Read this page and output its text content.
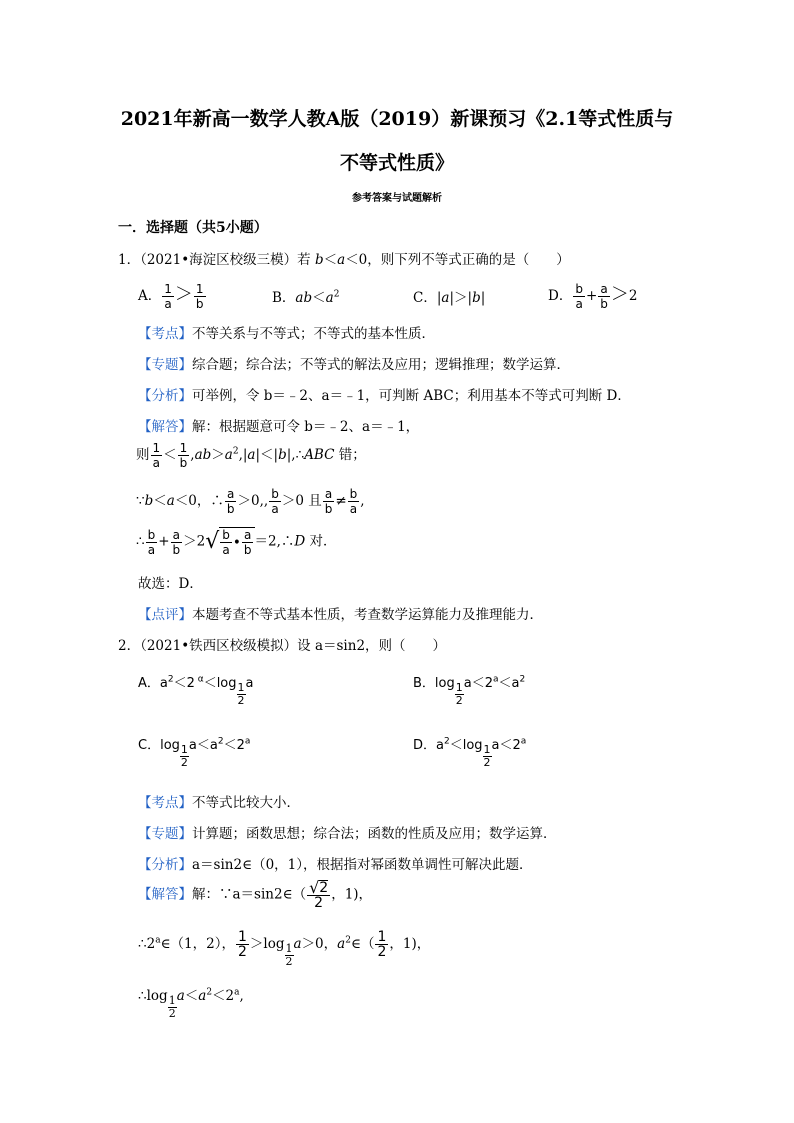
2021年新高一数学人教A版（2019）新课预习《2.1等式性质与
不等式性质》
参考答案与试题解析
一．选择题（共5小题）
1．（2021•海淀区校级三模）若 b＜a＜0，则下列不等式正确的是（　　）
A． $\frac{1}{a} > \frac{1}{b}$	B．$ab<a^2$	C．|a|＞|b|	D． $\frac{b}{a} + \frac{a}{b} >2$
【考点】不等关系与不等式；不等式的基本性质．
【专题】综合题；综合法；不等式的解法及应用；逻辑推理；数学运算．
【分析】可举例，令 b＝﹣2、a＝﹣1，可判断 ABC；利用基本不等式可判断 D．
【解答】解：根据题意可令 b＝﹣2、a＝﹣1，
则 $\frac{1}{a} < \frac{1}{b}$ $,ab>a^2,|a|<|b|,\therefore ABC$ 错；
∵b＜a＜0，∴ $\frac{a}{b} >0$,, $\frac{b}{a} >0$ 且 $\frac{a}{b} \ne \frac{b}{a}$ ,
∴ $\frac{b}{a} + \frac{a}{b} >2$ √ $\frac{b}{a}$ • $\frac{a}{b}$ ＝2,∴D 对．
故选：D．
【点评】本题考查不等式基本性质，考查数学运算能力及推理能力．
2．（2021•铁西区校级模拟）设 a＝sin2，则（　　）
A．$a^2<2$ $^\alpha<\log \frac{1}{2}$ a	B．$\log \frac{1}{2} a<2^a<a^2$
C．$\log \frac{1}{2} a<a^2<2^a$	D．$a^2<\log \frac{1}{2} a<2^a$
【考点】不等式比较大小．
【专题】计算题；函数思想；综合法；函数的性质及应用；数学运算．
【分析】a＝sin2∈（0，1），根据指对幂函数单调性可解决此题．
【解答】解：∵a＝sin2∈（ $\frac{√ 2}{2}$ ，1)，
∴2$^a$∈（1，2）， $\frac{1}{2} >\log \frac{1}{2} a>0$，$a^2\in( \frac{1}{2}$ ，1)，
∴log $\frac{1}{2} a<a^2<2^a$,
